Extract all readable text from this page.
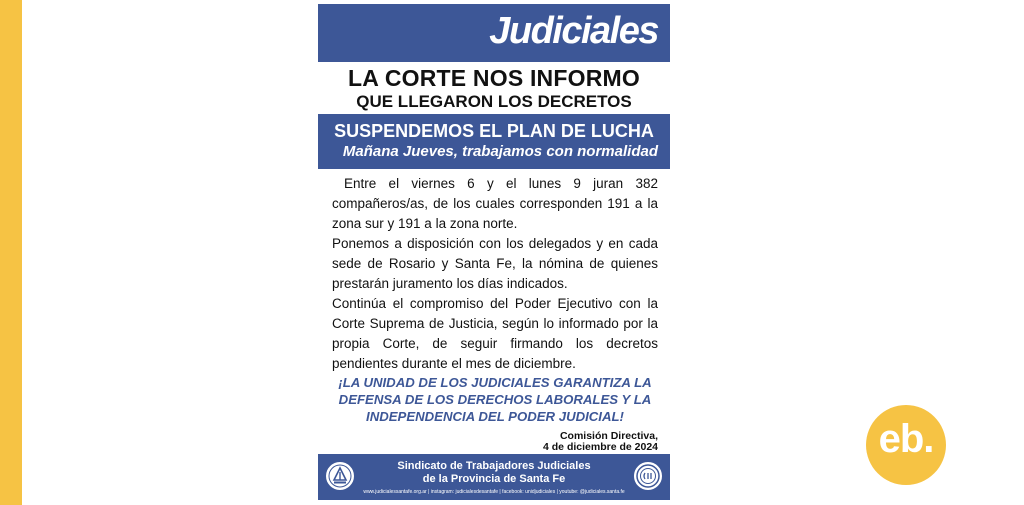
Judiciales
LA CORTE NOS INFORMO
QUE LLEGARON LOS DECRETOS
SUSPENDEMOS EL PLAN DE LUCHA
Mañana Jueves, trabajamos con normalidad

Entre el viernes 6 y el lunes 9 juran 382 compañeros/as, de los cuales corresponden 191 a la zona sur y 191 a la zona norte.

Ponemos a disposición con los delegados y en cada sede de Rosario y Santa Fe, la nómina de quienes prestarán juramento los días indicados.

Continúa el compromiso del Poder Ejecutivo con la Corte Suprema de Justicia, según lo informado por la propia Corte, de seguir firmando los decretos pendientes durante el mes de diciembre.

¡LA UNIDAD DE LOS JUDICIALES GARANTIZA LA
DEFENSA DE LOS DERECHOS LABORALES Y LA
INDEPENDENCIA DEL PODER JUDICIAL!
Comisión Directiva,
4 de diciembre de 2024
Sindicato de Trabajadores Judiciales
de la Provincia de Santa Fe
www.judicialessantafe.org.ar | instagram: judicialesdesantafe | facebook: unidjudiciales | youtube: @judiciales.santa.fe
eb.
